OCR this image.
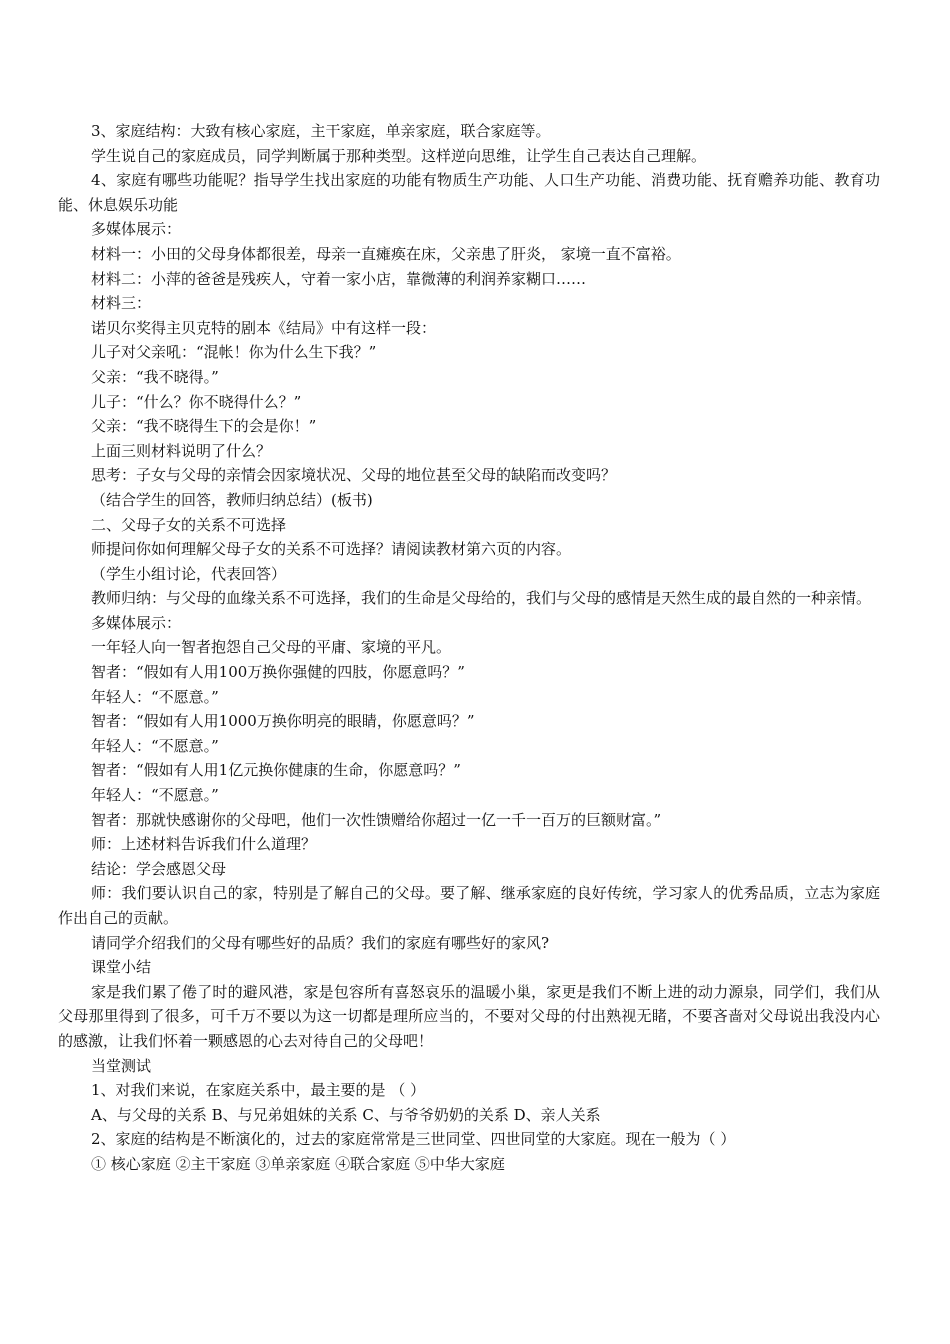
3、家庭结构：大致有核心家庭，主干家庭，单亲家庭，联合家庭等。

学生说自己的家庭成员，同学判断属于那种类型。这样逆向思维，让学生自己表达自己理解。

4、家庭有哪些功能呢？指导学生找出家庭的功能有物质生产功能、人口生产功能、消费功能、抚育赡养功能、教育功能、休息娱乐功能

多媒体展示：

材料一：小田的父母身体都很差，母亲一直瘫痪在床，父亲患了肝炎， 家境一直不富裕。

材料二：小萍的爸爸是残疾人，守着一家小店，靠微薄的利润养家糊口……

材料三：

诺贝尔奖得主贝克特的剧本《结局》中有这样一段：

儿子对父亲吼：“混帐！你为什么生下我？”

父亲：“我不晓得。”

儿子：“什么？你不晓得什么？”

父亲：“我不晓得生下的会是你！”

上面三则材料说明了什么？

思考：子女与父母的亲情会因家境状况、父母的地位甚至父母的缺陷而改变吗？

（结合学生的回答，教师归纳总结）(板书)

二、父母子女的关系不可选择

师提问你如何理解父母子女的关系不可选择？请阅读教材第六页的内容。

（学生小组讨论，代表回答）

教师归纳：与父母的血缘关系不可选择，我们的生命是父母给的，我们与父母的感情是天然生成的最自然的一种亲情。

多媒体展示：

一年轻人向一智者抱怨自己父母的平庸、家境的平凡。

智者：“假如有人用100万换你强健的四肢，你愿意吗？”

年轻人：“不愿意。”

智者：“假如有人用1000万换你明亮的眼睛，你愿意吗？”

年轻人：“不愿意。”

智者：“假如有人用1亿元换你健康的生命，你愿意吗？”

年轻人：“不愿意。”

智者：那就快感谢你的父母吧，他们一次性馈赠给你超过一亿一千一百万的巨额财富。”

师：上述材料告诉我们什么道理？

结论：学会感恩父母

师：我们要认识自己的家，特别是了解自己的父母。要了解、继承家庭的良好传统，学习家人的优秀品质，立志为家庭作出自己的贡献。

请同学介绍我们的父母有哪些好的品质？我们的家庭有哪些好的家风?

课堂小结

家是我们累了倦了时的避风港，家是包容所有喜怒哀乐的温暖小巢，家更是我们不断上进的动力源泉，同学们，我们从父母那里得到了很多，可千万不要以为这一切都是理所应当的，不要对父母的付出熟视无睹，不要吝啬对父母说出我没内心的感激，让我们怀着一颗感恩的心去对待自己的父母吧！

当堂测试

1、对我们来说，在家庭关系中，最主要的是 （ ）

A、与父母的关系 B、与兄弟姐妹的关系 C、与爷爷奶奶的关系 D、亲人关系

2、家庭的结构是不断演化的，过去的家庭常常是三世同堂、四世同堂的大家庭。现在一般为（ ）

① 核心家庭 ②主干家庭 ③单亲家庭 ④联合家庭 ⑤中华大家庭
